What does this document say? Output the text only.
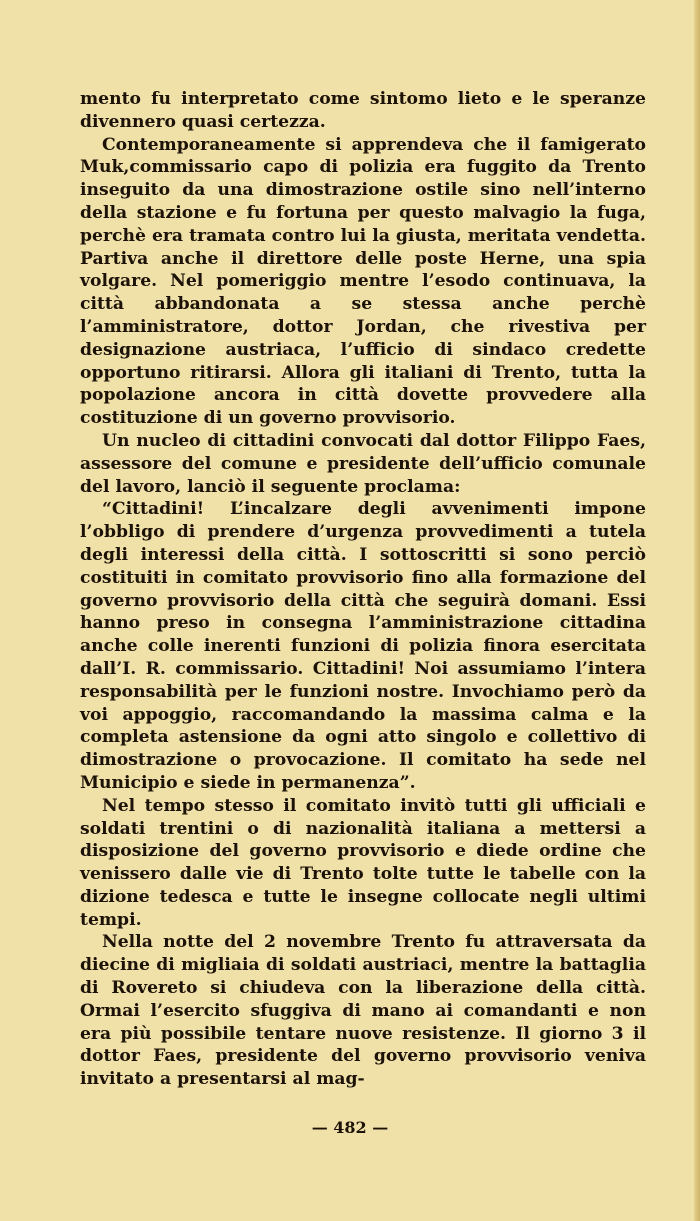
mento fu interpretato come sintomo lieto e le speranze divennero quasi certezza.

Contemporaneamente si apprendeva che il famigerato Muk,commissario capo di polizia era fuggito da Trento inseguito da una dimostrazione ostile sino nell’interno della stazione e fu fortuna per questo malvagio la fuga, perchè era tramata contro lui la giusta, meritata vendetta. Partiva anche il direttore delle poste Herne, una spia volgare. Nel pomeriggio mentre l’esodo continuava, la città abbandonata a se stessa anche perchè l’amministratore, dottor Jordan, che rivestiva per designazione austriaca, l’ufficio di sindaco credette opportuno ritirarsi. Allora gli italiani di Trento, tutta la popolazione ancora in città dovette provvedere alla costituzione di un governo provvisorio.

Un nucleo di cittadini convocati dal dottor Filippo Faes, assessore del comune e presidente dell’ufficio comunale del lavoro, lanciò il seguente proclama:

“Cittadini! L’incalzare degli avvenimenti impone l’obbligo di prendere d’urgenza provvedimenti a tutela degli interessi della città. I sottoscritti si sono perciò costituiti in comitato provvisorio fino alla formazione del governo provvisorio della città che seguirà domani. Essi hanno preso in consegna l’amministrazione cittadina anche colle inerenti funzioni di polizia finora esercitata dall’I. R. commissario. Cittadini! Noi assumiamo l’intera responsabilità per le funzioni nostre. Invochiamo però da voi appoggio, raccomandando la massima calma e la completa astensione da ogni atto singolo e collettivo di dimostrazione o provocazione. Il comitato ha sede nel Municipio e siede in permanenza”.

Nel tempo stesso il comitato invitò tutti gli ufficiali e soldati trentini o di nazionalità italiana a mettersi a disposizione del governo provvisorio e diede ordine che venissero dalle vie di Trento tolte tutte le tabelle con la dizione tedesca e tutte le insegne collocate negli ultimi tempi.

Nella notte del 2 novembre Trento fu attraversata da diecine di migliaia di soldati austriaci, mentre la battaglia di Rovereto si chiudeva con la liberazione della città. Ormai l’esercito sfuggiva di mano ai comandanti e non era più possibile tentare nuove resistenze. Il giorno 3 il dottor Faes, presidente del governo provvisorio veniva invitato a presentarsi al mag-

— 482 —
